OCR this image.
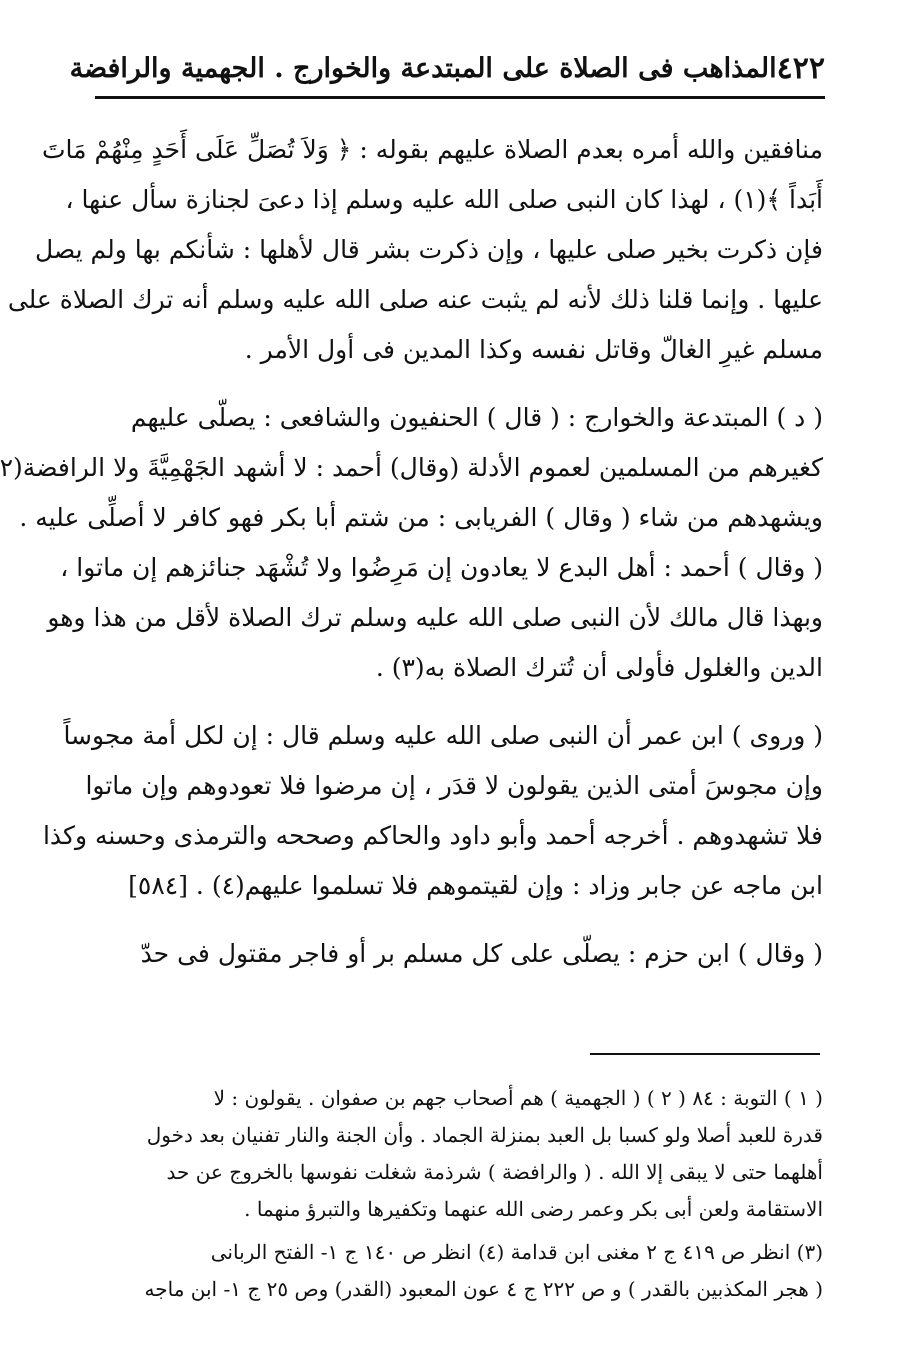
٤٢٢
المذاهب فى الصلاة على المبتدعة والخوارج . الجهمية والرافضة
منافقين والله أمره بعدم الصلاة عليهم بقوله : ﴿ وَلاَ تُصَلِّ عَلَى أَحَدٍ مِنْهُمْ مَاتَ
أَبَداً ﴾(١) ، لهذا كان النبى صلى الله عليه وسلم إذا دعىَ لجنازة سأل عنها ،
فإن ذكرت بخير صلى عليها ، وإن ذكرت بشر قال لأهلها : شأنكم بها ولم يصل
عليها . وإنما قلنا ذلك لأنه لم يثبت عنه صلى الله عليه وسلم أنه ترك الصلاة على
مسلم غيرِ الغالّ وقاتل نفسه وكذا المدين فى أول الأمر .
( د ) المبتدعة والخوارج : ( قال ) الحنفيون والشافعى : يصلّى عليهم
كغيرهم من المسلمين لعموم الأدلة (وقال) أحمد : لا أشهد الجَهْمِيَّةَ ولا الرافضة(٢
ويشهدهم من شاء ( وقال ) الفريابى : من شتم أبا بكر فهو كافر لا أصلِّى عليه .
( وقال ) أحمد : أهل البدع لا يعادون إن مَرِضُوا ولا تُشْهَد جنائزهم إن ماتوا ،
وبهذا قال مالك لأن النبى صلى الله عليه وسلم ترك الصلاة لأقل من هذا وهو
الدين والغلول فأولى أن تُترك الصلاة به(٣) .
( وروى ) ابن عمر أن النبى صلى الله عليه وسلم قال : إن لكل أمة مجوساً
وإن مجوسَ أمتى الذين يقولون لا قدَر ، إن مرضوا فلا تعودوهم وإن ماتوا
فلا تشهدوهم . أخرجه أحمد وأبو داود والحاكم وصححه والترمذى وحسنه وكذا
ابن ماجه عن جابر وزاد : وإن لقيتموهم فلا تسلموا عليهم(٤) . [٥٨٤]
( وقال ) ابن حزم : يصلّى على كل مسلم بر أو فاجر مقتول فى حدّ
( ١ ) التوبة : ٨٤ ( ٢ ) ( الجهمية ) هم أصحاب جهم بن صفوان . يقولون : لا
قدرة للعبد أصلا ولو كسبا بل العبد بمنزلة الجماد . وأن الجنة والنار تفنيان بعد دخول
أهلهما حتى لا يبقى إلا الله . ( والرافضة ) شرذمة شغلت نفوسها بالخروج عن حد
الاستقامة ولعن أبى بكر وعمر رضى الله عنهما وتكفيرها والتبرؤ منهما .
(٣) انظر ص ٤١٩ ج ٢ مغنى ابن قدامة (٤) انظر ص ١٤٠ ج ١- الفتح الربانى
( هجر المكذبين بالقدر ) و ص ٢٢٢ ج ٤ عون المعبود (القدر) وص ٢٥ ج ١- ابن ماجه
